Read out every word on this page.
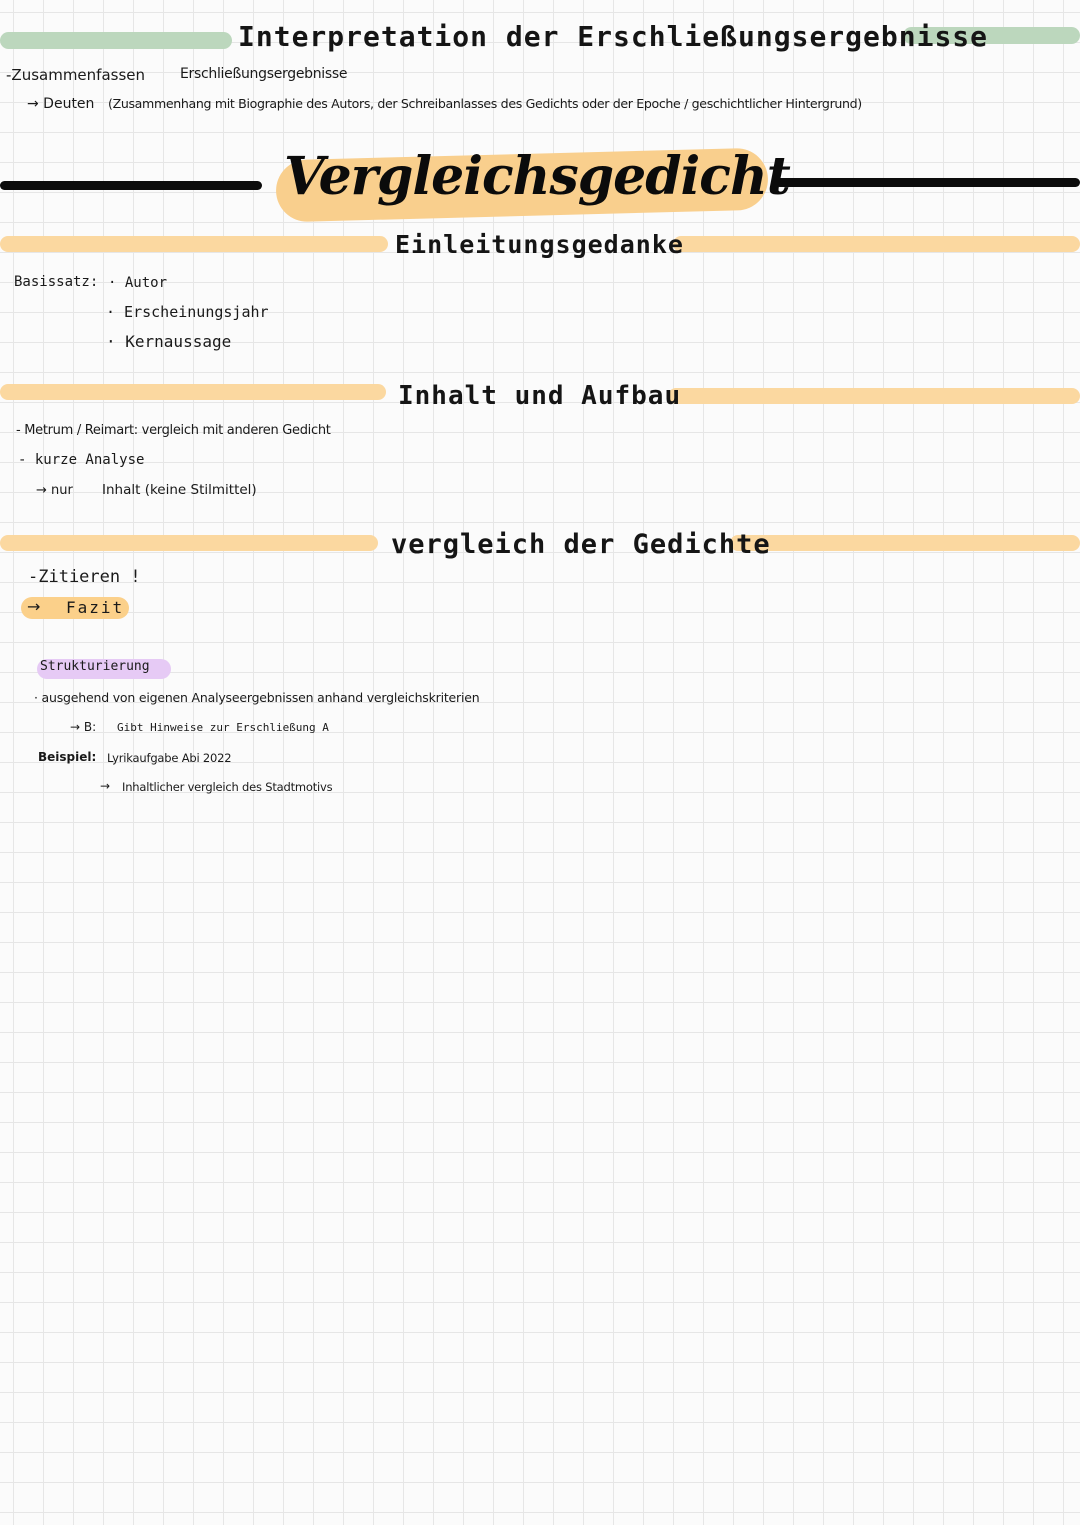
Interpretation der Erschließungsergebnisse
-Zusammenfassen	Erschließungsergebnisse
→ Deuten (Zusammenhang mit Biographie des Autors, der Schreibanlasses des Gedichts oder der Epoche / geschichtlicher Hintergrund)
Vergleichsgedicht
Einleitungsgedanke
Basissatz: · Autor
· Erscheinungsjahr
· Kernaussage
Inhalt und Aufbau
- Metrum / Reimart: vergleich mit anderen Gedicht
- kurze Analyse
→ nur Inhalt (keine Stilmittel)
vergleich der Gedichte
-Zitieren !
→ Fazit
Strukturierung
· ausgehend von eigenen Analyseergebnissen anhand vergleichskriterien
→ B: Gibt Hinweise zur Erschließung A
Beispiel: Lyrikaufgabe Abi 2022
→ Inhaltlicher vergleich des Stadtmotivs
